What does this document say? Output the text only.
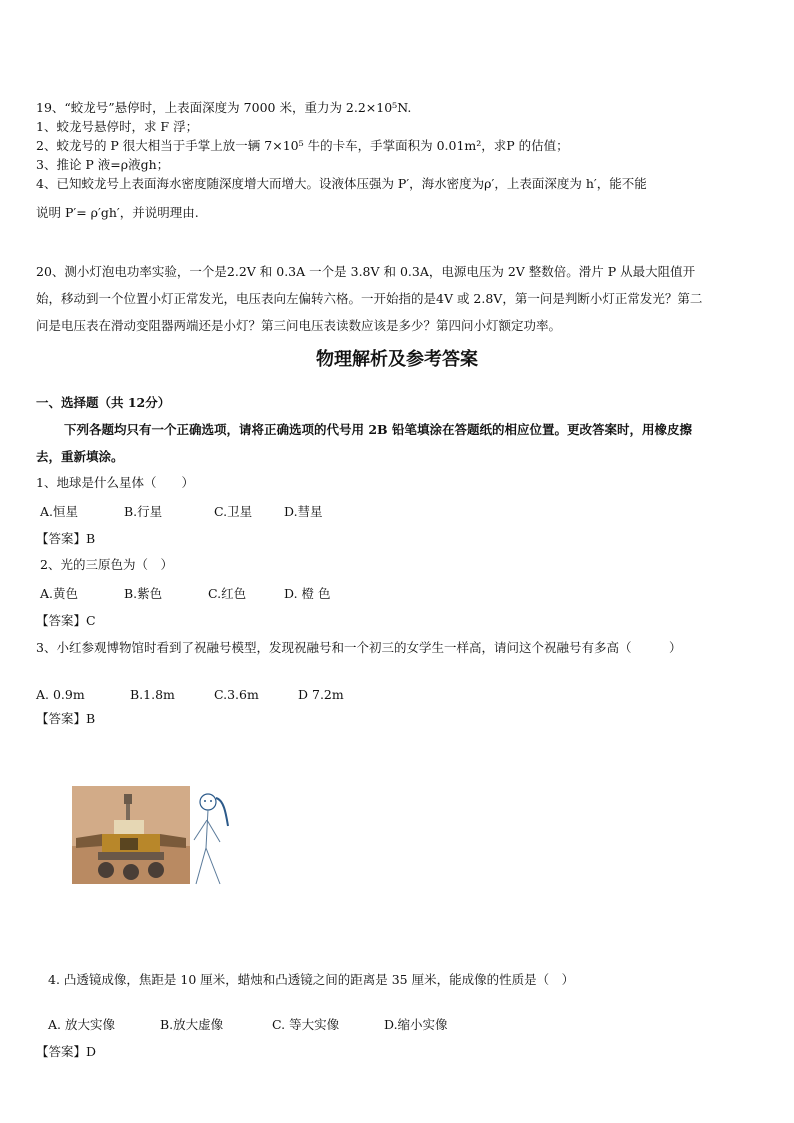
19、“蛟龙号”悬停时，上表面深度为 7000 米，重力为 2.2×10⁵N.
1、蛟龙号悬停时，求 F 浮；
2、蛟龙号的 P 很大相当于手掌上放一辆 7×10⁵ 牛的卡车，手掌面积为 0.01m²，求P 的估值；
3、推论 P 液=ρ液gh；
4、已知蛟龙号上表面海水密度随深度增大而增大。设液体压强为 P′，海水密度为ρ′，上表面深度为 h′，能不能
说明 P′= ρ′gh′，并说明理由.
20、测小灯泡电功率实验，一个是2.2V 和 0.3A 一个是 3.8V 和 0.3A，电源电压为 2V 整数倍。滑片 P 从最大阻值开
始，移动到一个位置小灯正常发光，电压表向左偏转六格。一开始指的是4V 或 2.8V，第一问是判断小灯正常发光？第二
问是电压表在滑动变阻器两端还是小灯？第三问电压表读数应该是多少？第四问小灯额定功率。
物理解析及参考答案
一、选择题（共 12分）
下列各题均只有一个正确选项，请将正确选项的代号用 2B 铅笔填涂在答题纸的相应位置。更改答案时，用橡皮擦
去，重新填涂。
1、地球是什么星体（　　）
A.恒星	B.行星	C.卫星	D.彗星
【答案】B
2、光的三原色为（　）
A.黄色	B.紫色	C.红色	D. 橙 色
【答案】C
3、小红参观博物馆时看到了祝融号模型，发现祝融号和一个初三的女学生一样高，请问这个祝融号有多高（　　　）
A. 0.9m	B.1.8m	C.3.6m	D 7.2m
【答案】B
4. 凸透镜成像，焦距是 10 厘米，蜡烛和凸透镜之间的距离是 35 厘米，能成像的性质是（　）
A. 放大实像	B.放大虚像	C. 等大实像	D.缩小实像
【答案】D
